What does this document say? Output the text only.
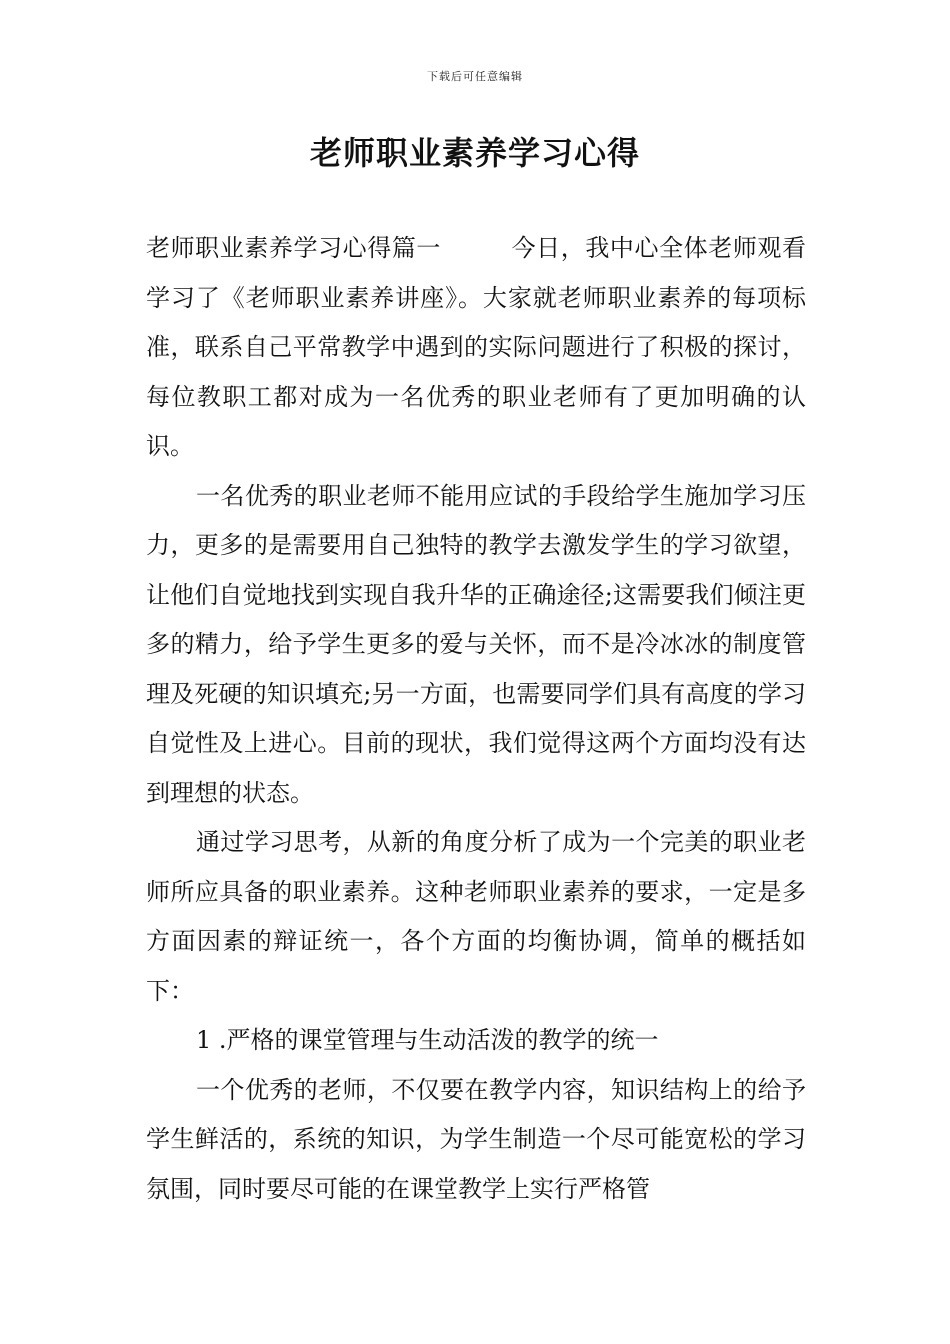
下载后可任意编辑
老师职业素养学习心得

老师职业素养学习心得篇一	今日，我中心全体老师观看学习了《老师职业素养讲座》。大家就老师职业素养的每项标准，联系自己平常教学中遇到的实际问题进行了积极的探讨，每位教职工都对成为一名优秀的职业老师有了更加明确的认识。

一名优秀的职业老师不能用应试的手段给学生施加学习压力，更多的是需要用自己独特的教学去激发学生的学习欲望，让他们自觉地找到实现自我升华的正确途径;这需要我们倾注更多的精力，给予学生更多的爱与关怀，而不是冷冰冰的制度管理及死硬的知识填充;另一方面，也需要同学们具有高度的学习自觉性及上进心。目前的现状，我们觉得这两个方面均没有达到理想的状态。

通过学习思考，从新的角度分析了成为一个完美的职业老师所应具备的职业素养。这种老师职业素养的要求，一定是多方面因素的辩证统一，各个方面的均衡协调，简单的概括如下：

1 .严格的课堂管理与生动活泼的教学的统一

一个优秀的老师，不仅要在教学内容，知识结构上的给予学生鲜活的，系统的知识，为学生制造一个尽可能宽松的学习氛围，同时要尽可能的在课堂教学上实行严格管
